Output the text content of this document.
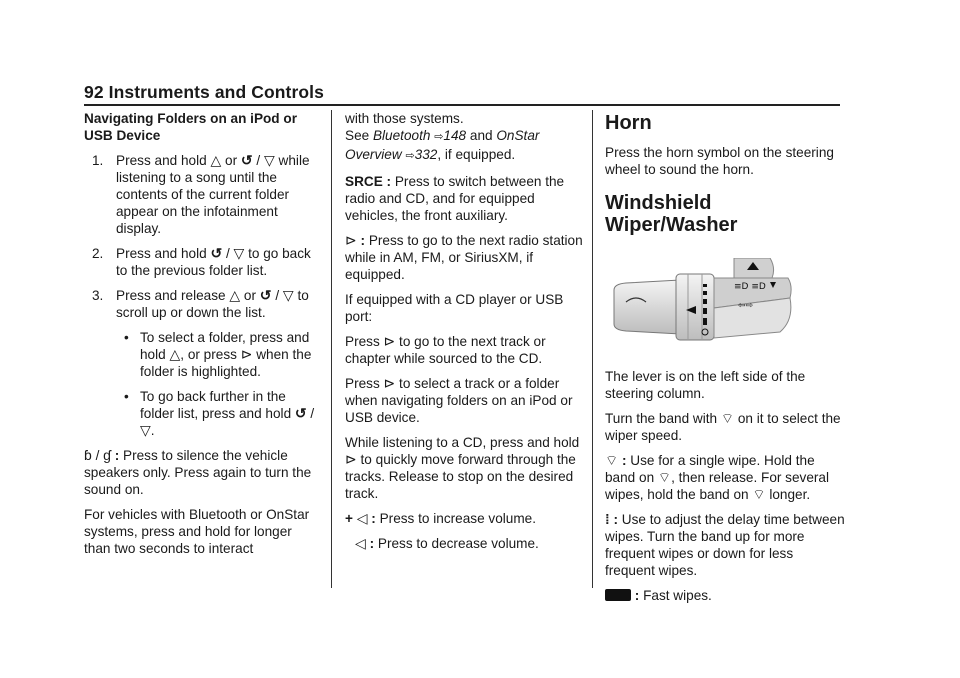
92 Instruments and Controls
Navigating Folders on an iPod or
USB Device
1. Press and hold △ or ↺ / ▽ while listening to a song until the contents of the current folder appear on the infotainment display.
2. Press and hold ↺ / ▽ to go back to the previous folder list.
3. Press and release △ or ↺ / ▽ to scroll up or down the list.
• To select a folder, press and hold △, or press ⊳ when the folder is highlighted.
• To go back further in the folder list, press and hold ↺ / ▽.

ɓ / ɠ : Press to silence the vehicle speakers only. Press again to turn the sound on.

For vehicles with Bluetooth or OnStar systems, press and hold for longer than two seconds to interact

with those systems.
See Bluetooth ⇨148 and OnStar Overview ⇨332, if equipped.

SRCE : Press to switch between the radio and CD, and for equipped vehicles, the front auxiliary.

⊳ : Press to go to the next radio station while in AM, FM, or SiriusXM, if equipped.

If equipped with a CD player or USB port:

Press ⊳ to go to the next track or chapter while sourced to the CD.

Press ⊳ to select a track or a folder when navigating folders on an iPod or USB device.

While listening to a CD, press and hold ⊳ to quickly move forward through the tracks. Release to stop on the desired track.

+ ◁ : Press to increase volume.

◁ : Press to decrease volume.

Horn

Press the horn symbol on the steering wheel to sound the horn.

Windshield Wiper/Washer
≡D ≡D
⇦⇨

The lever is on the left side of the steering column.

Turn the band with ⌔ on it to select the wiper speed.

⌔ : Use for a single wipe. Hold the band on ⌔, then release. For several wipes, hold the band on ⌔ longer.

⁞ : Use to adjust the delay time between wipes. Turn the band up for more frequent wipes or down for less frequent wipes.

: Fast wipes.
